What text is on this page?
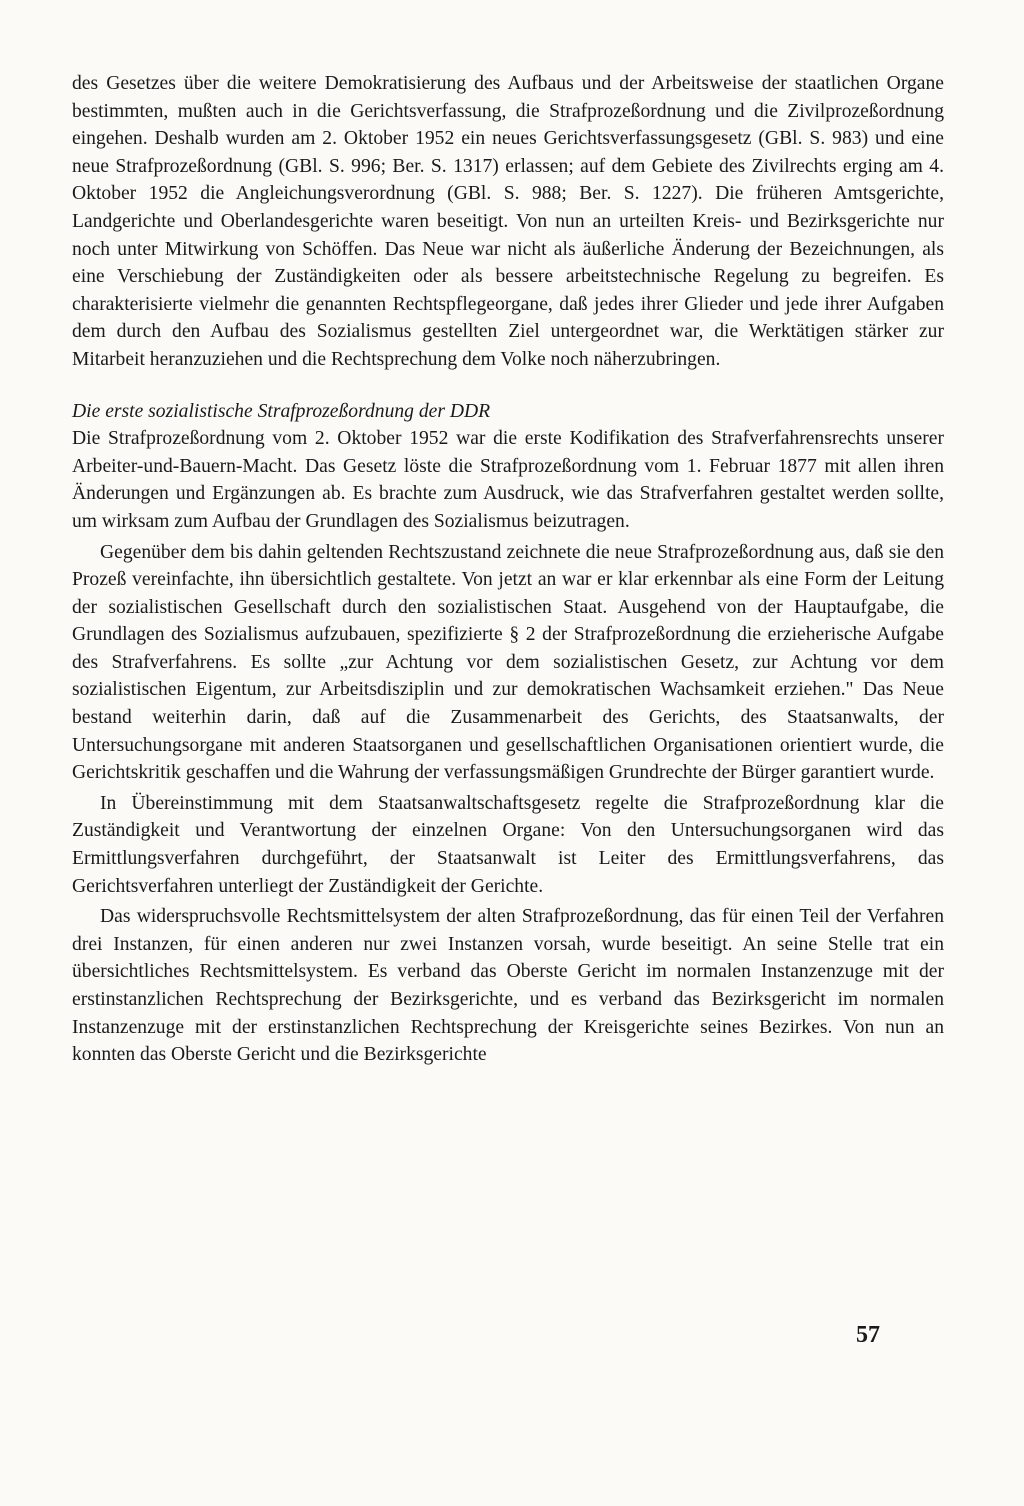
des Gesetzes über die weitere Demokratisierung des Aufbaus und der Arbeitsweise der staatlichen Organe bestimmten, mußten auch in die Gerichtsverfassung, die Strafprozeßordnung und die Zivilprozeßordnung eingehen. Deshalb wurden am 2. Oktober 1952 ein neues Gerichtsverfassungsgesetz (GBl. S. 983) und eine neue Strafprozeßordnung (GBl. S. 996; Ber. S. 1317) erlassen; auf dem Gebiete des Zivilrechts erging am 4. Oktober 1952 die Angleichungsverordnung (GBl. S. 988; Ber. S. 1227). Die früheren Amtsgerichte, Landgerichte und Oberlandesgerichte waren beseitigt. Von nun an urteilten Kreis- und Bezirksgerichte nur noch unter Mitwirkung von Schöffen. Das Neue war nicht als äußerliche Änderung der Bezeichnungen, als eine Verschiebung der Zuständigkeiten oder als bessere arbeitstechnische Regelung zu begreifen. Es charakterisierte vielmehr die genannten Rechtspflegeorgane, daß jedes ihrer Glieder und jede ihrer Aufgaben dem durch den Aufbau des Sozialismus gestellten Ziel untergeordnet war, die Werktätigen stärker zur Mitarbeit heranzuziehen und die Rechtsprechung dem Volke noch näherzubringen.

Die erste sozialistische Strafprozeßordnung der DDR

Die Strafprozeßordnung vom 2. Oktober 1952 war die erste Kodifikation des Strafverfahrensrechts unserer Arbeiter-und-Bauern-Macht. Das Gesetz löste die Strafprozeßordnung vom 1. Februar 1877 mit allen ihren Änderungen und Ergänzungen ab. Es brachte zum Ausdruck, wie das Strafverfahren gestaltet werden sollte, um wirksam zum Aufbau der Grundlagen des Sozialismus beizutragen.

Gegenüber dem bis dahin geltenden Rechtszustand zeichnete die neue Strafprozeßordnung aus, daß sie den Prozeß vereinfachte, ihn übersichtlich gestaltete. Von jetzt an war er klar erkennbar als eine Form der Leitung der sozialistischen Gesellschaft durch den sozialistischen Staat. Ausgehend von der Hauptaufgabe, die Grundlagen des Sozialismus aufzubauen, spezifizierte § 2 der Strafprozeßordnung die erzieherische Aufgabe des Strafverfahrens. Es sollte „zur Achtung vor dem sozialistischen Gesetz, zur Achtung vor dem sozialistischen Eigentum, zur Arbeitsdisziplin und zur demokratischen Wachsamkeit erziehen." Das Neue bestand weiterhin darin, daß auf die Zusammenarbeit des Gerichts, des Staatsanwalts, der Untersuchungsorgane mit anderen Staatsorganen und gesellschaftlichen Organisationen orientiert wurde, die Gerichtskritik geschaffen und die Wahrung der verfassungsmäßigen Grundrechte der Bürger garantiert wurde.

In Übereinstimmung mit dem Staatsanwaltschaftsgesetz regelte die Strafprozeßordnung klar die Zuständigkeit und Verantwortung der einzelnen Organe: Von den Untersuchungsorganen wird das Ermittlungsverfahren durchgeführt, der Staatsanwalt ist Leiter des Ermittlungsverfahrens, das Gerichtsverfahren unterliegt der Zuständigkeit der Gerichte.

Das widerspruchsvolle Rechtsmittelsystem der alten Strafprozeßordnung, das für einen Teil der Verfahren drei Instanzen, für einen anderen nur zwei Instanzen vorsah, wurde beseitigt. An seine Stelle trat ein übersichtliches Rechtsmittelsystem. Es verband das Oberste Gericht im normalen Instanzenzuge mit der erstinstanzlichen Rechtsprechung der Bezirksgerichte, und es verband das Bezirksgericht im normalen Instanzenzuge mit der erstinstanzlichen Rechtsprechung der Kreisgerichte seines Bezirkes. Von nun an konnten das Oberste Gericht und die Bezirksgerichte

57
